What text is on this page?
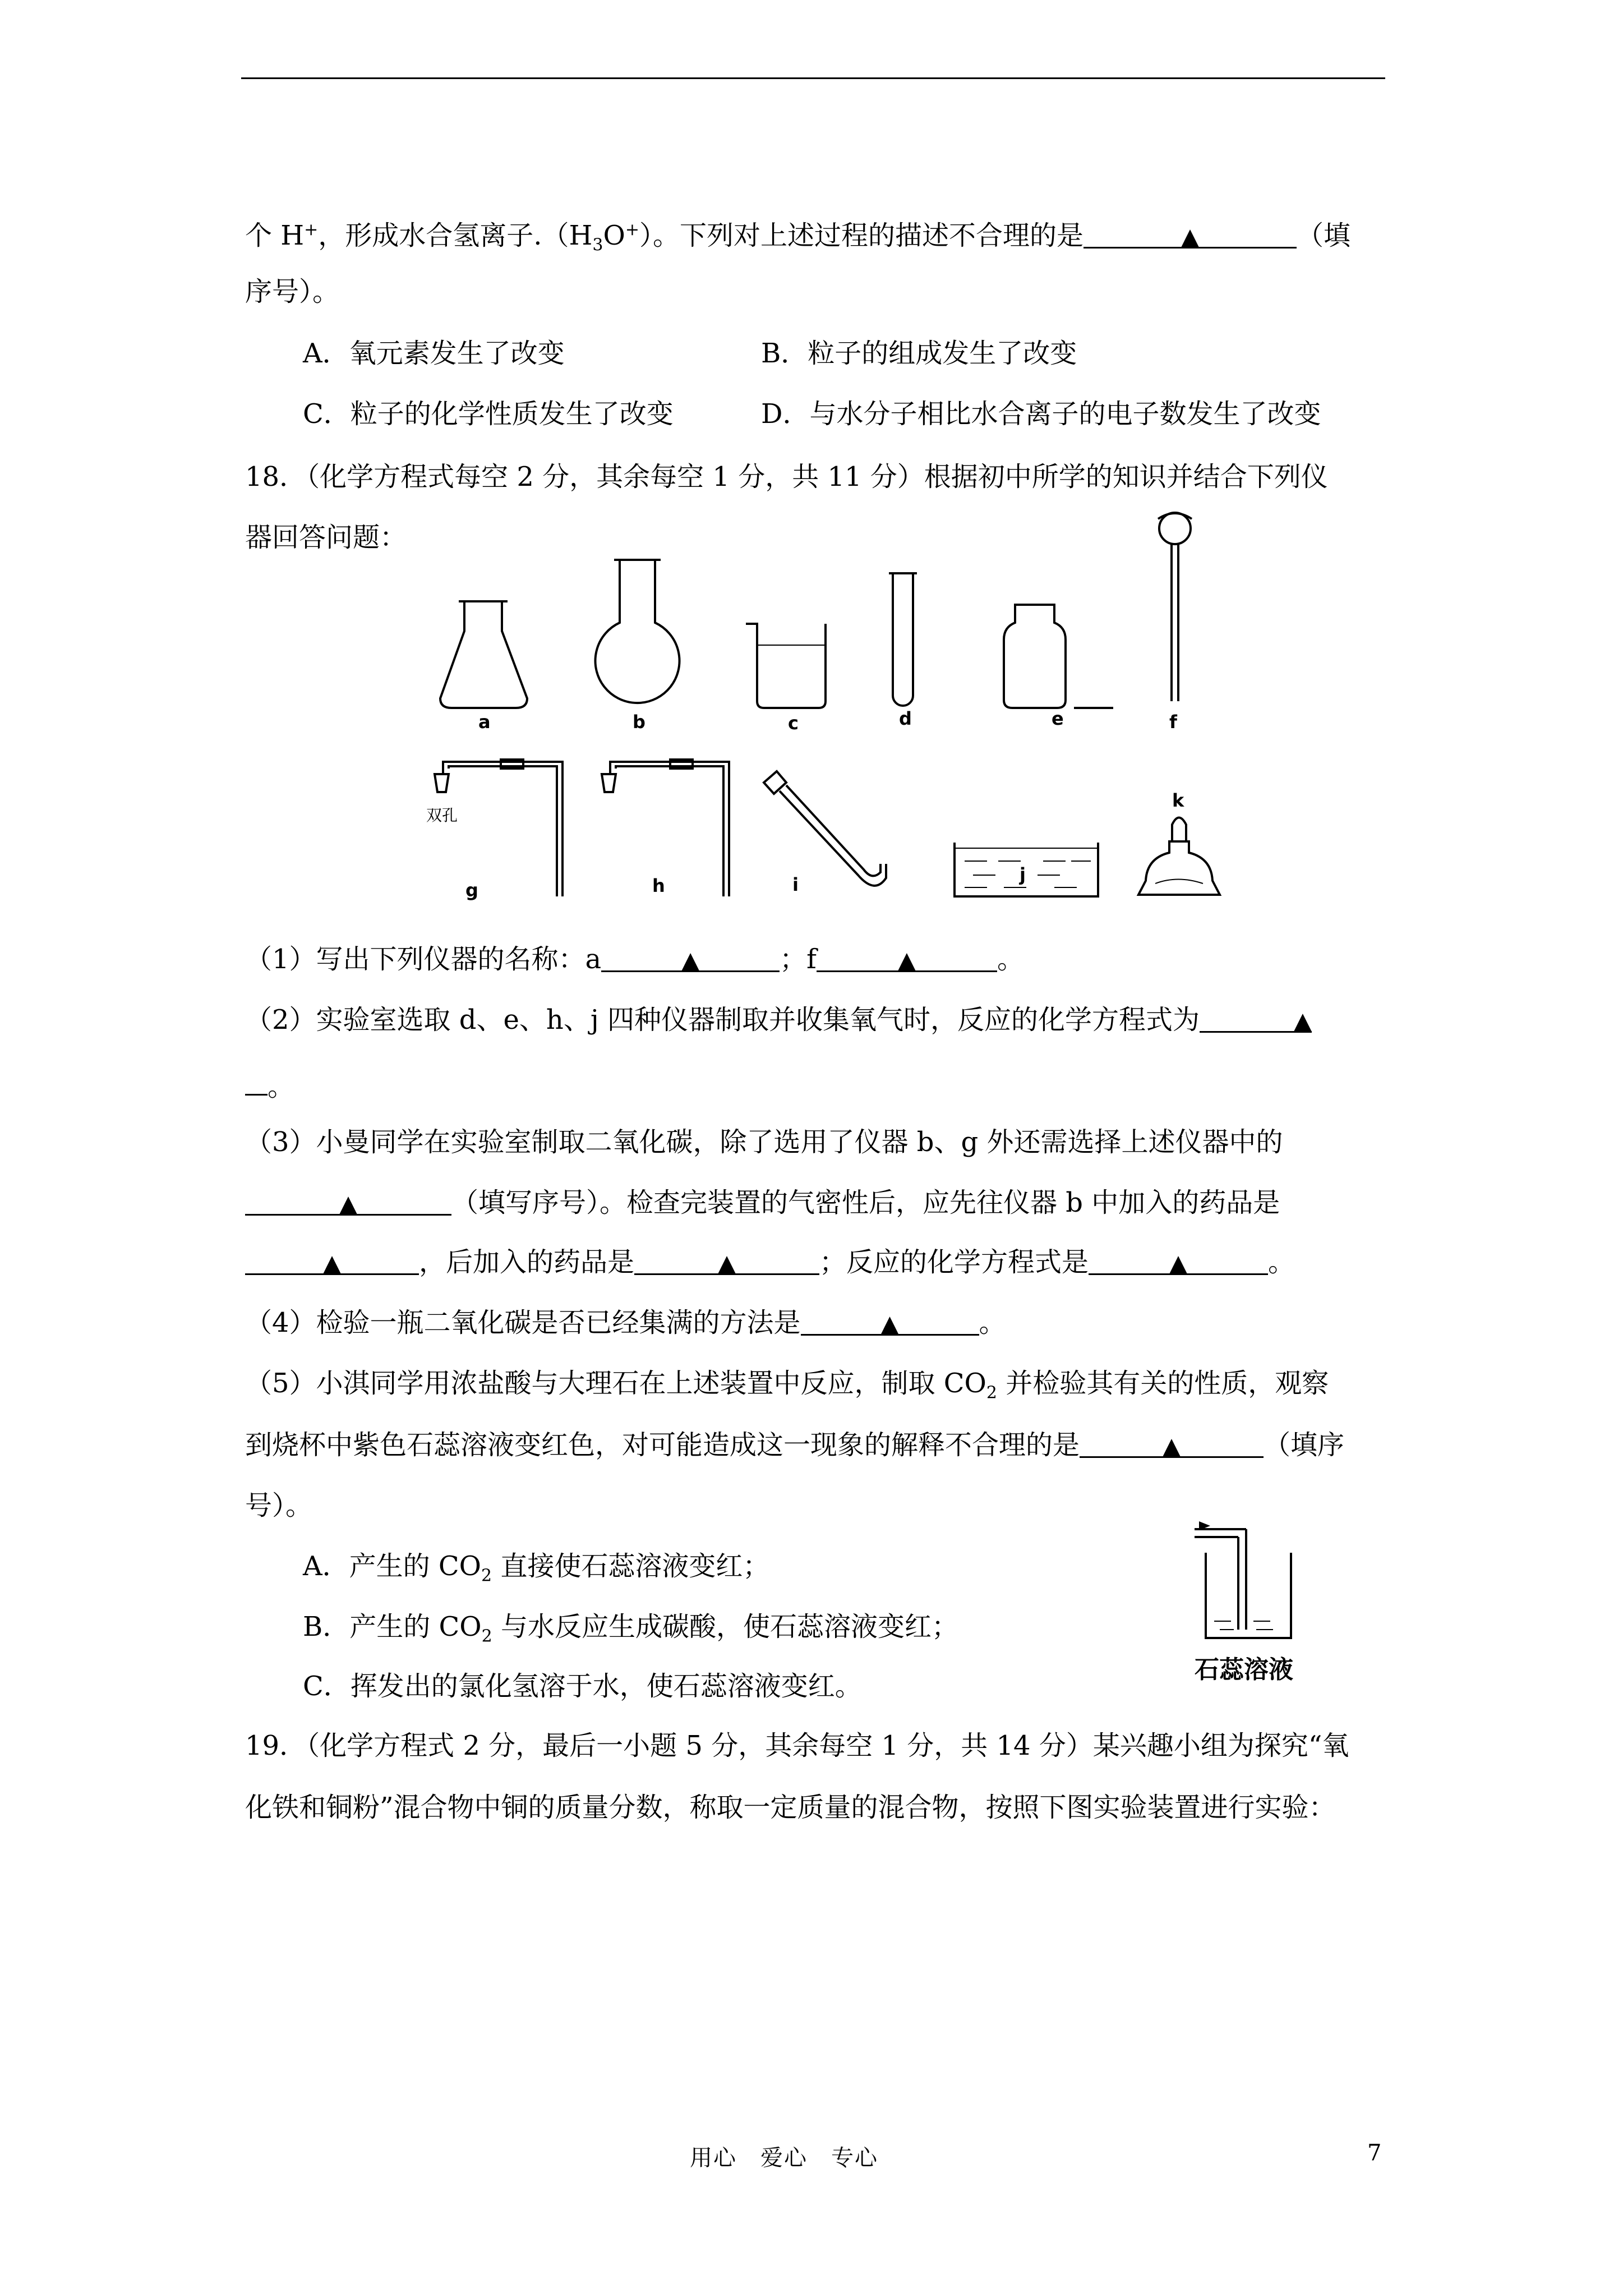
个 H+，形成水合氢离子$.(H_3O^+)$。下列对上述过程的描述不合理的是	▲	（填
序号）。
A．氧元素发生了改变	B．粒子的组成发生了改变
C．粒子的化学性质发生了改变	D．与水分子相比水合离子的电子数发生了改变
18．（化学方程式每空 2 分，其余每空 1 分，共 11 分）根据初中所学的知识并结合下列仪
器回答问题：
a	b	c	d	e	f
g	h	i	j
k
双孔
（1）写出下列仪器的名称：a	▲	；f	▲	。
（2）实验室选取 d、e、h、j 四种仪器制取并收集氧气时，反应的化学方程式为	▲
。
（3）小曼同学在实验室制取二氧化碳，除了选用了仪器 b、g 外还需选择上述仪器中的
▲	（填写序号）。检查完装置的气密性后，应先往仪器 b 中加入的药品是
▲	，后加入的药品是	▲	；反应的化学方程式是	▲	。
（4）检验一瓶二氧化碳是否已经集满的方法是	▲	。
（5）小淇同学用浓盐酸与大理石在上述装置中反应，制取 $CO_2$ 并检验其有关的性质，观察
到烧杯中紫色石蕊溶液变红色，对可能造成这一现象的解释不合理的是	▲	（填序
号）。
A．产生的 $CO_2$ 直接使石蕊溶液变红；
B．产生的 $CO_2$ 与水反应生成碳酸，使石蕊溶液变红；
C．挥发出的氯化氢溶于水，使石蕊溶液变红。
石蕊溶液
19．（化学方程式 2 分，最后一小题 5 分，其余每空 1 分，共 14 分）某兴趣小组为探究“氧
化铁和铜粉”混合物中铜的质量分数，称取一定质量的混合物，按照下图实验装置进行实验：
用心　爱心　专心	7
